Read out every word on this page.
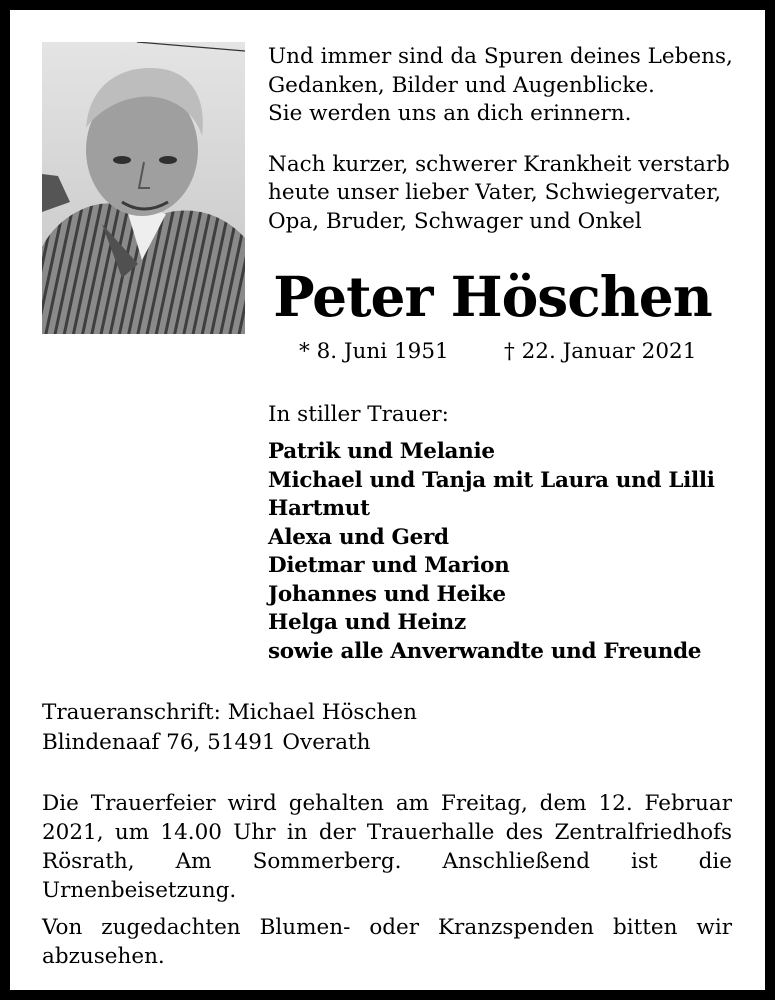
Und immer sind da Spuren deines Lebens,
Gedanken, Bilder und Augenblicke.
Sie werden uns an dich erinnern.

Nach kurzer, schwerer Krankheit verstarb
heute unser lieber Vater, Schwiegervater,
Opa, Bruder, Schwager und Onkel

Peter Höschen
* 8. Juni 1951	† 22. Januar 2021
In stiller Trauer:
Patrik und Melanie
Michael und Tanja mit Laura und Lilli
Hartmut
Alexa und Gerd
Dietmar und Marion
Johannes und Heike
Helga und Heinz
sowie alle Anverwandte und Freunde
Traueranschrift: Michael Höschen
Blindenaaf 76, 51491 Overath

Die Trauerfeier wird gehalten am Freitag, dem 12. Februar 2021, um 14.00 Uhr in der Trauerhalle des Zentralfriedhofs Rösrath, Am Sommerberg. Anschließend ist die Urnenbeisetzung.

Von zugedachten Blumen- oder Kranzspenden bitten wir abzusehen.
